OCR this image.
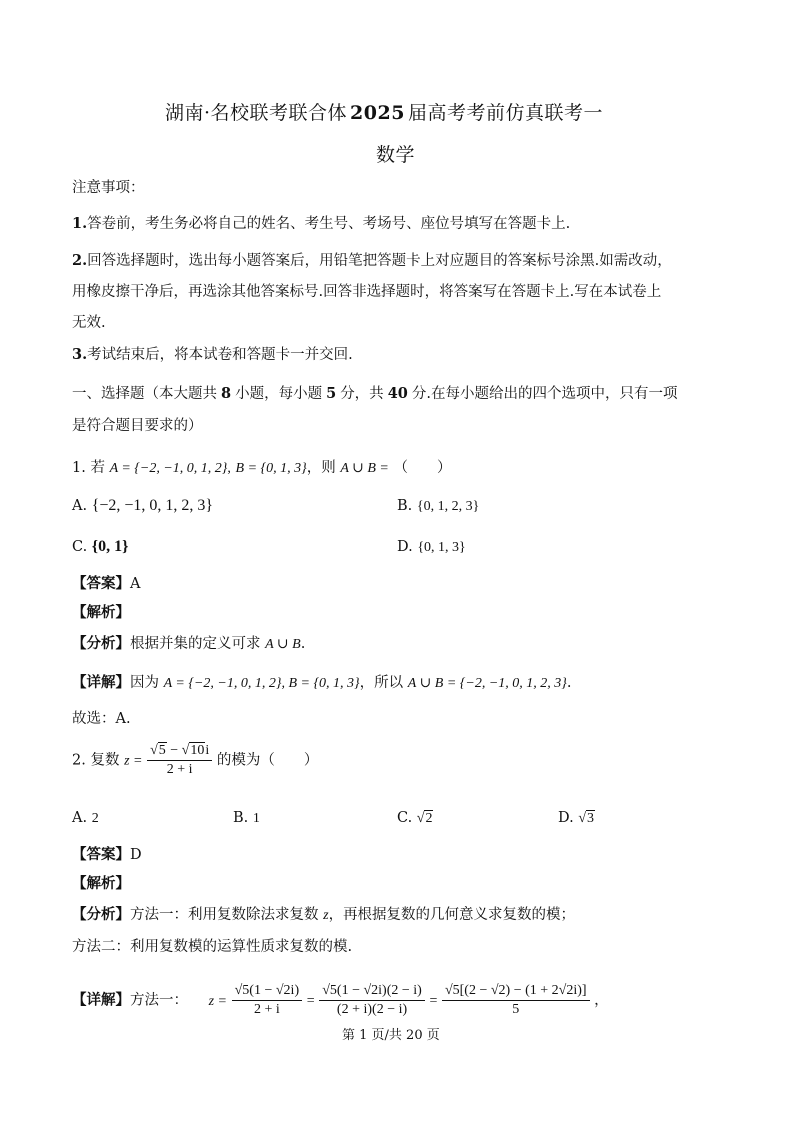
湖南·名校联考联合体 2025 届高考考前仿真联考一
数学
注意事项：
1.答卷前，考生务必将自己的姓名、考生号、考场号、座位号填写在答题卡上.
2.回答选择题时，选出每小题答案后，用铅笔把答题卡上对应题目的答案标号涂黑.如需改动，
用橡皮擦干净后，再选涂其他答案标号.回答非选择题时，将答案写在答题卡上.写在本试卷上
无效.
3.考试结束后，将本试卷和答题卡一并交回.
一、选择题（本大题共 8 小题，每小题 5 分，共 40 分.在每小题给出的四个选项中，只有一项
是符合题目要求的）
1. 若 A = {−2, −1, 0, 1, 2}, B = {0, 1, 3}，则 A ∪ B = （　　）
A. {−2, −1, 0, 1, 2, 3}	B. {0, 1, 2, 3}
C. {0, 1}	D. {0, 1, 3}
【答案】A
【解析】
【分析】根据并集的定义可求 A ∪ B.
【详解】因为 A = {−2, −1, 0, 1, 2}, B = {0, 1, 3}，所以 A ∪ B = {−2, −1, 0, 1, 2, 3}.
故选：A.
2. 复数 $z = \frac{√5 - √10i}{2 + i}$ 的模为（　　）
A. 2	B. 1	C. √2	D. √3
【答案】D
【解析】
【分析】方法一：利用复数除法求复数 z，再根据复数的几何意义求复数的模；
方法二：利用复数模的运算性质求复数的模.
【详解】方法一： $z = \frac{√5(1 - √2i)}{2 + i} = \frac{√5(1 - √2i)(2 - i)}{(2 + i)(2 - i)} = \frac{√5[(2 - √2) - (1 + 2√2i)]}{5}$ ，
第 1 页/共 20 页
